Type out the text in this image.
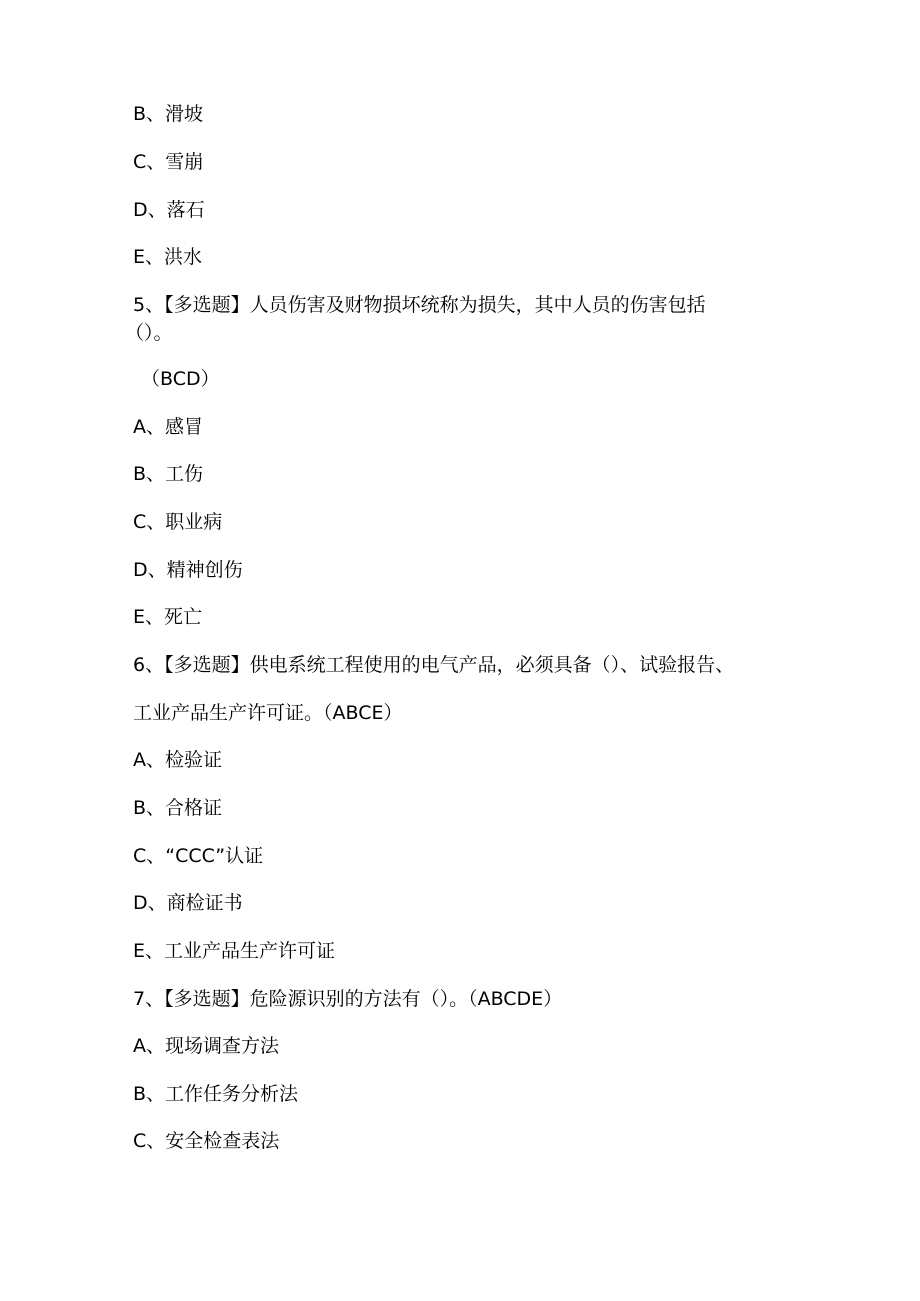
B、滑坡

C、雪崩

D、落石

E、洪水

5、【多选题】人员伤害及财物损坏统称为损失，其中人员的伤害包括

（）。

（BCD）

A、感冒

B、工伤

C、职业病

D、精神创伤

E、死亡

6、【多选题】供电系统工程使用的电气产品，必须具备（）、试验报告、

工业产品生产许可证。（ABCE）

A、检验证

B、合格证

C、“CCC”认证

D、商检证书

E、工业产品生产许可证

7、【多选题】危险源识别的方法有（）。（ABCDE）

A、现场调查方法

B、工作任务分析法

C、安全检查表法
